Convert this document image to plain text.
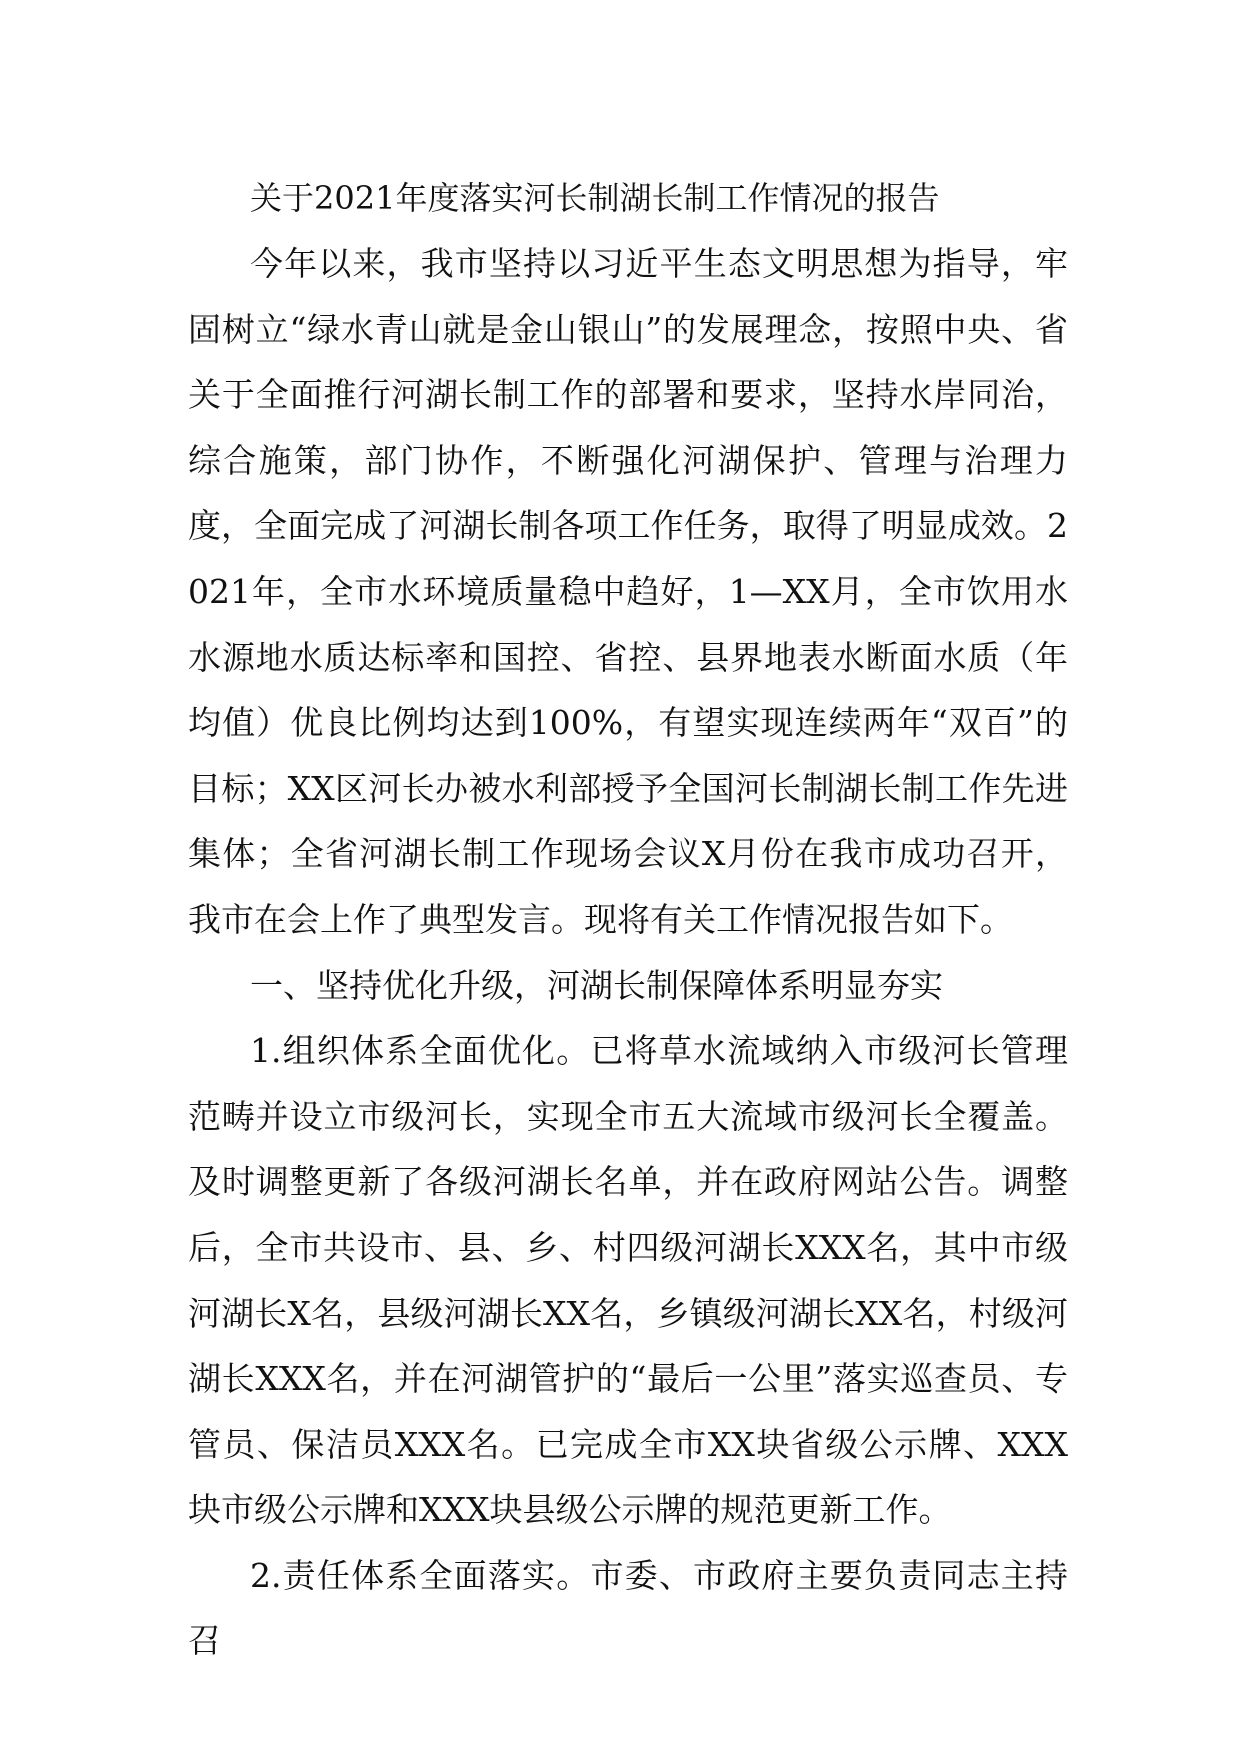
关于2021年度落实河长制湖长制工作情况的报告

今年以来，我市坚持以习近平生态文明思想为指导，牢固树立“绿水青山就是金山银山”的发展理念，按照中央、省关于全面推行河湖长制工作的部署和要求，坚持水岸同治，综合施策，部门协作，不断强化河湖保护、管理与治理力度，全面完成了河湖长制各项工作任务，取得了明显成效。2021年，全市水环境质量稳中趋好，1—XX月，全市饮用水水源地水质达标率和国控、省控、县界地表水断面水质（年均值）优良比例均达到100%，有望实现连续两年“双百”的目标；XX区河长办被水利部授予全国河长制湖长制工作先进集体；全省河湖长制工作现场会议X月份在我市成功召开，我市在会上作了典型发言。现将有关工作情况报告如下。

一、坚持优化升级，河湖长制保障体系明显夯实

1.组织体系全面优化。已将草水流域纳入市级河长管理范畴并设立市级河长，实现全市五大流域市级河长全覆盖。及时调整更新了各级河湖长名单，并在政府网站公告。调整后，全市共设市、县、乡、村四级河湖长XXX名，其中市级河湖长X名，县级河湖长XX名，乡镇级河湖长XX名，村级河湖长XXX名，并在河湖管护的“最后一公里”落实巡查员、专管员、保洁员XXX名。已完成全市XX块省级公示牌、XXX块市级公示牌和XXX块县级公示牌的规范更新工作。

2.责任体系全面落实。市委、市政府主要负责同志主持召
